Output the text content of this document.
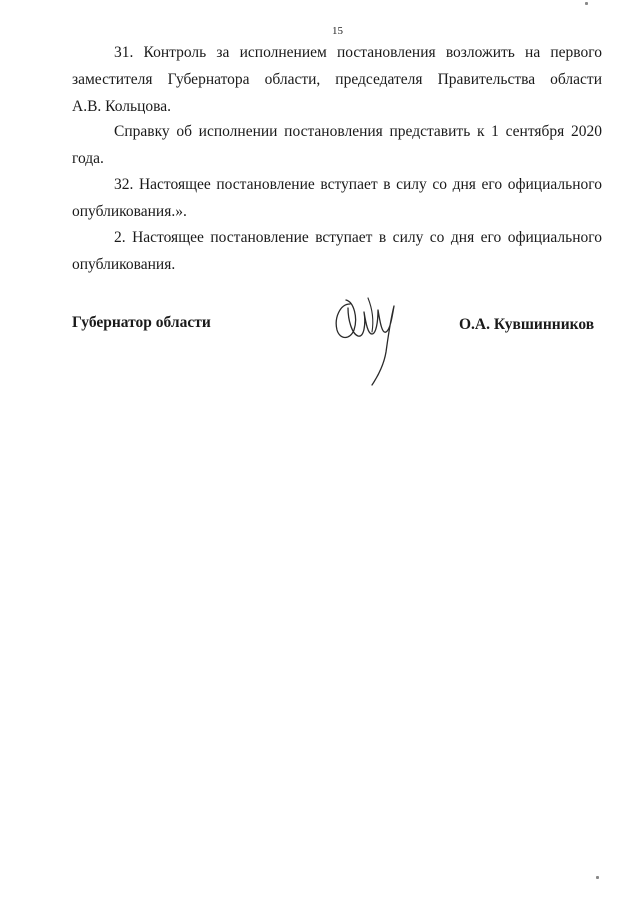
15
31. Контроль за исполнением постановления возложить на первого
заместителя Губернатора области, председателя Правительства области
А.В. Кольцова.
Справку об исполнении постановления представить к 1 сентября 2020
года.
32. Настоящее постановление вступает в силу со дня его официального
опубликования.».
2. Настоящее постановление вступает в силу со дня его официального
опубликования.
Губернатор области	О.А. Кувшинников
